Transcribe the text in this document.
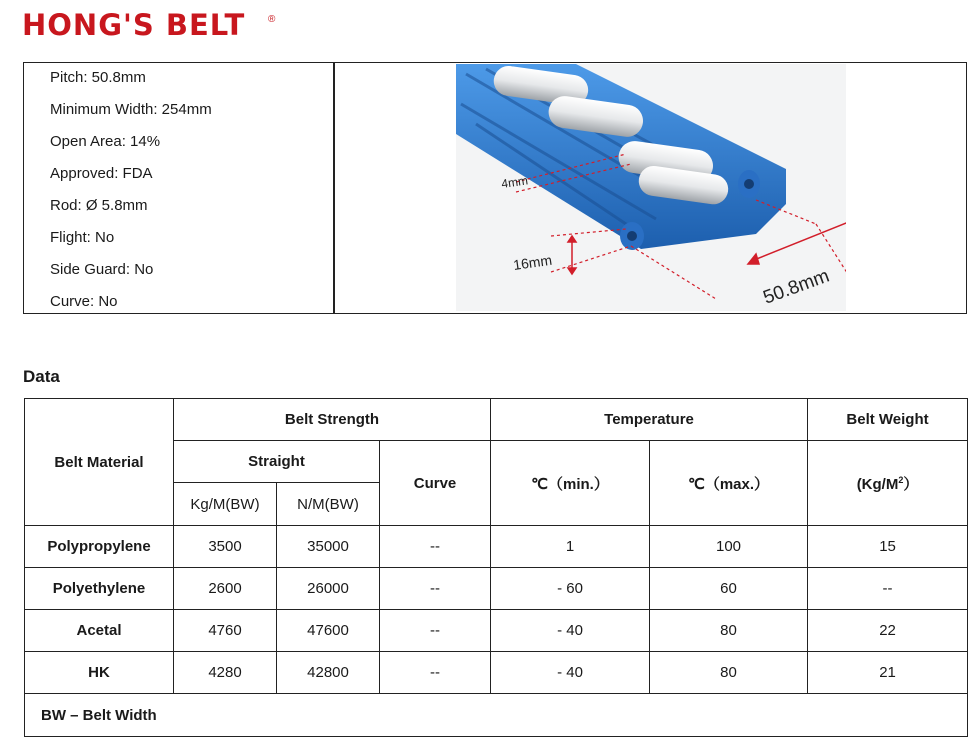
HONG'S BELT ®
Pitch: 50.8mm
Minimum Width: 254mm
Open Area: 14%
Approved: FDA
Rod: Ø 5.8mm
Flight: No
Side Guard: No
Curve: No
4mm
16mm
50.8mm
Data
Belt Material	Belt Strength			Temperature		Belt Weight
	Straight		Curve	℃（min.）	℃（max.）	$(Kg/M^2)$
	Kg/M(BW)	N/M(BW)				
Polypropylene	3500	35000	--	1	100	15
Polyethylene	2600	26000	--	- 60	60	--
Acetal	4760	47600	--	- 40	80	22
HK	4280	42800	--	- 40	80	21
BW – Belt Width						
